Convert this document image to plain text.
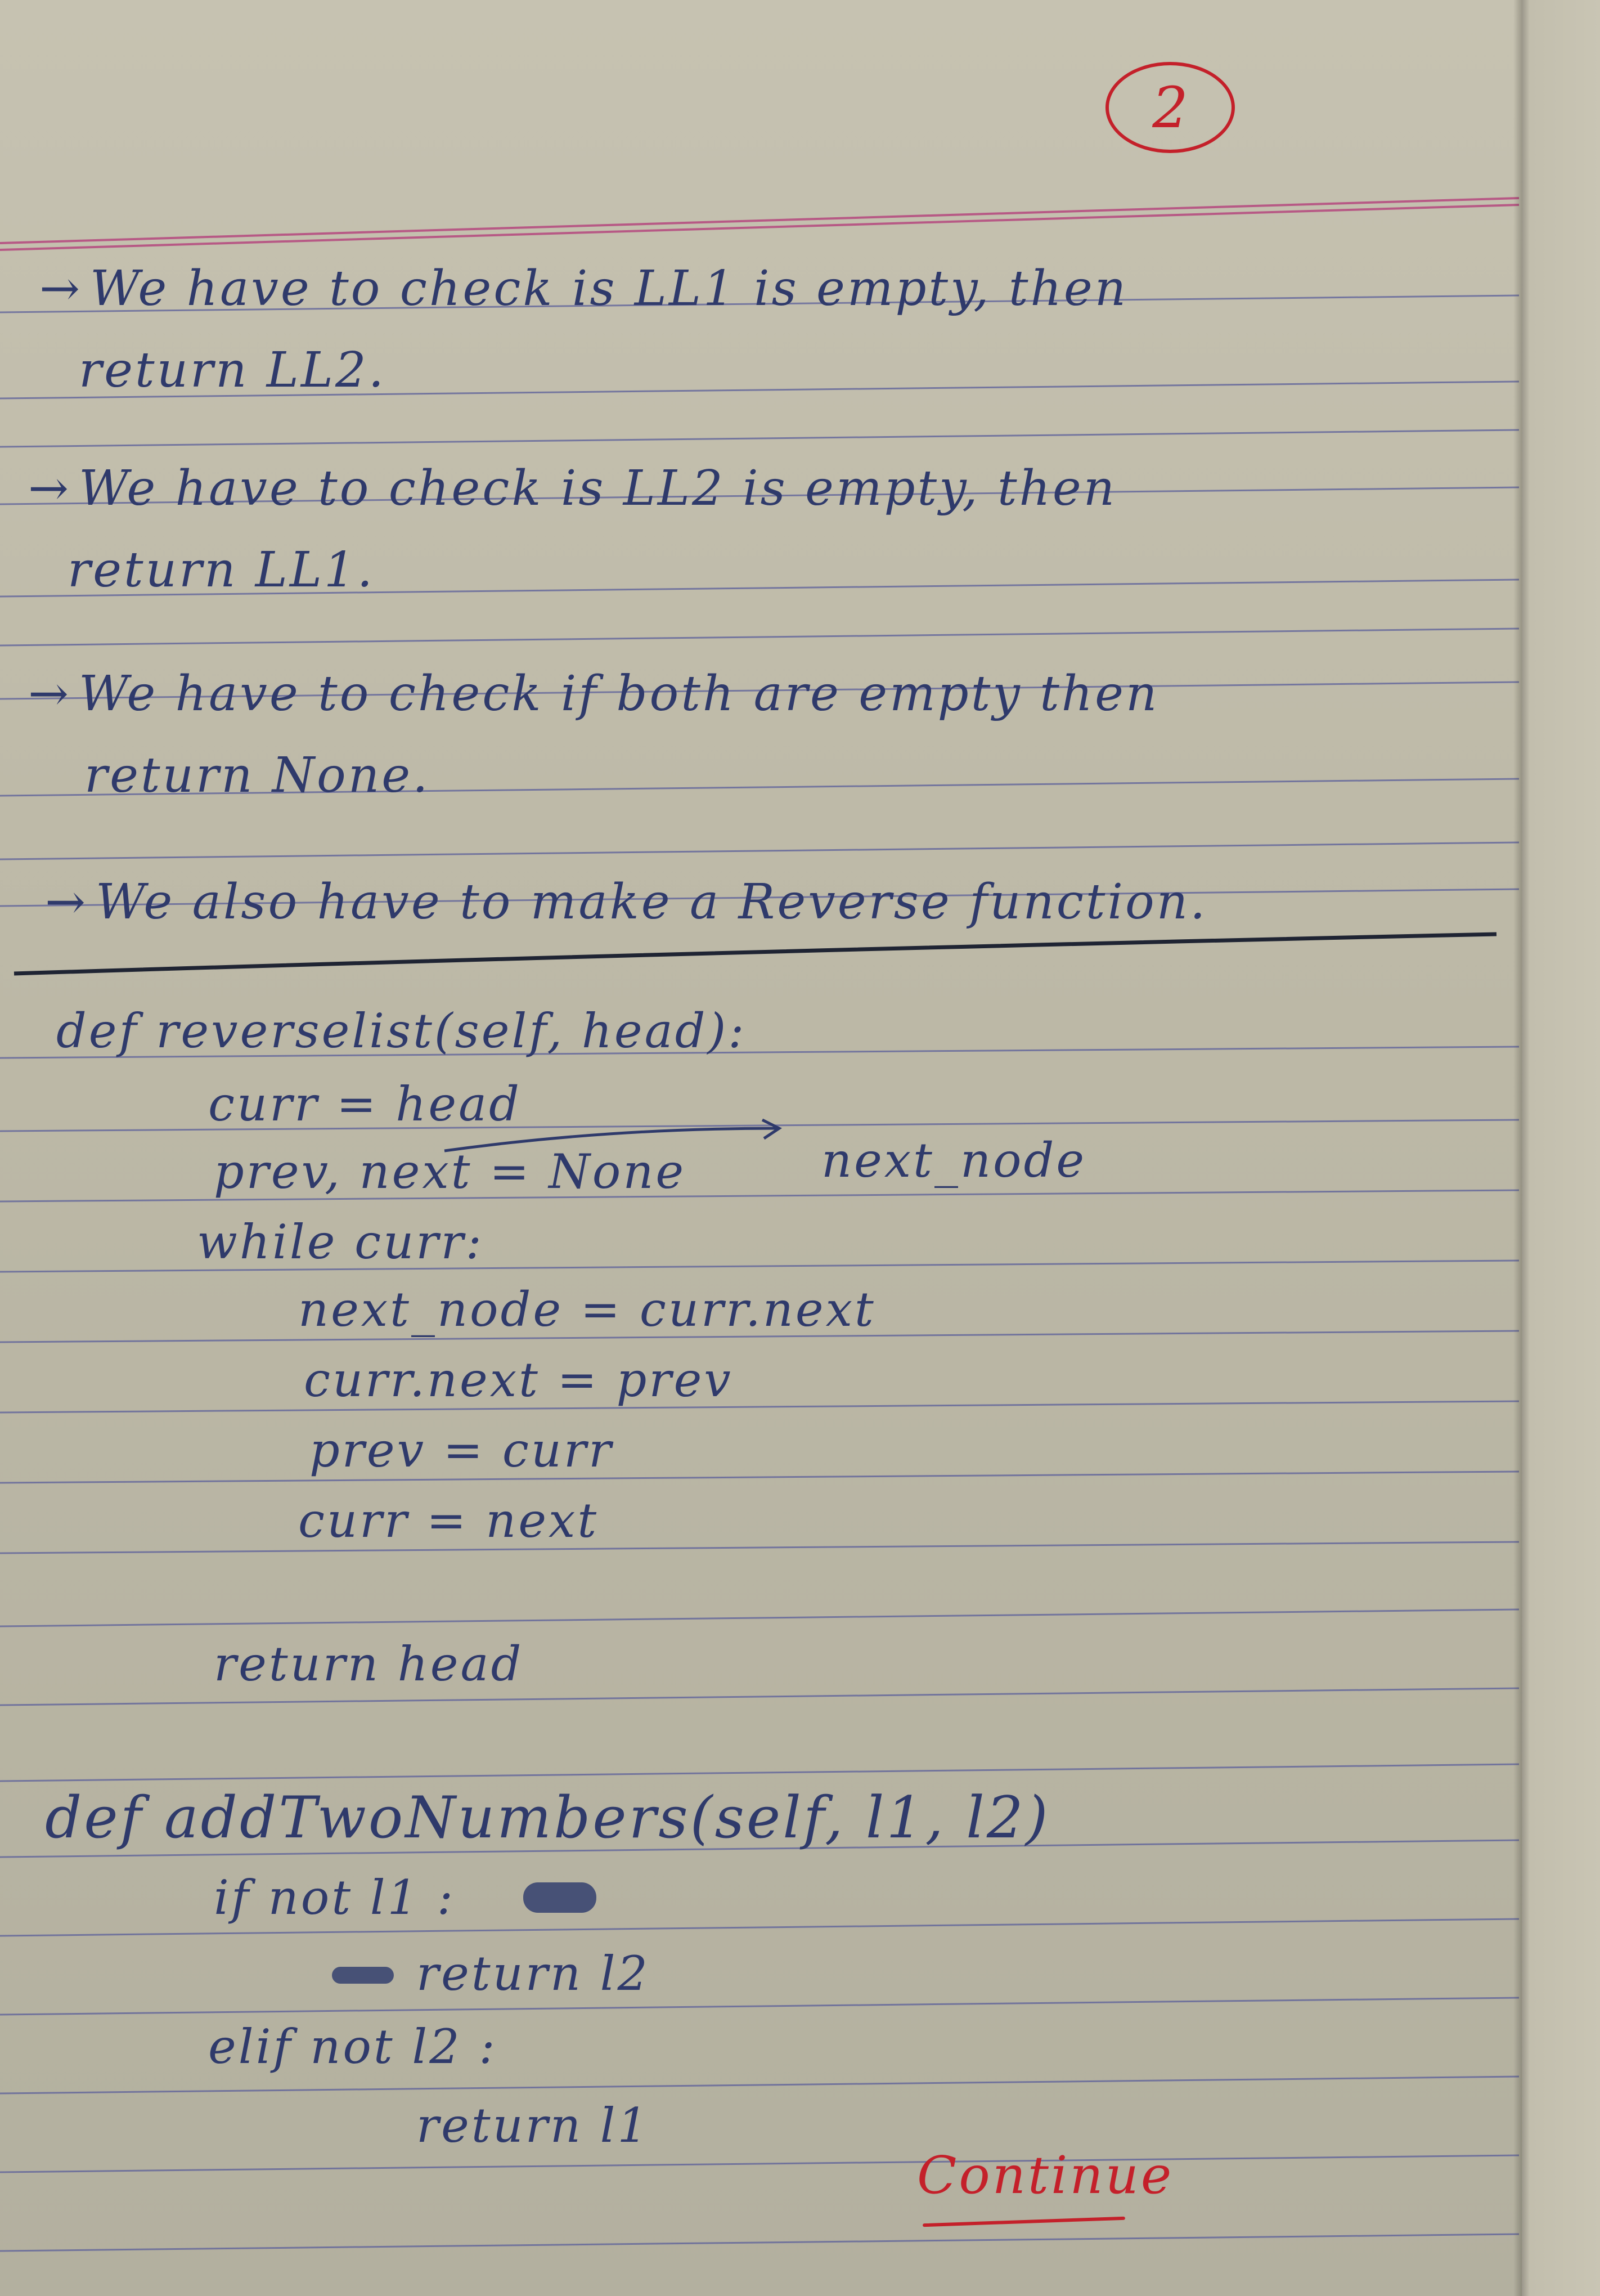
2
→ We have to check is LL1 is empty, then
return LL2.
→ We have to check is LL2 is empty, then
return LL1.
→ We have to check if both are empty then
return None.
→ We also have to make a Reverse function.
def reverselist(self, head):
curr = head
prev, next = None	next_node
while curr:
next_node = curr.next
curr.next = prev
prev = curr
curr = next
return head
def addTwoNumbers(self, l1, l2)
if not l1 :
return l2
elif not l2 :
return l1
Continue
